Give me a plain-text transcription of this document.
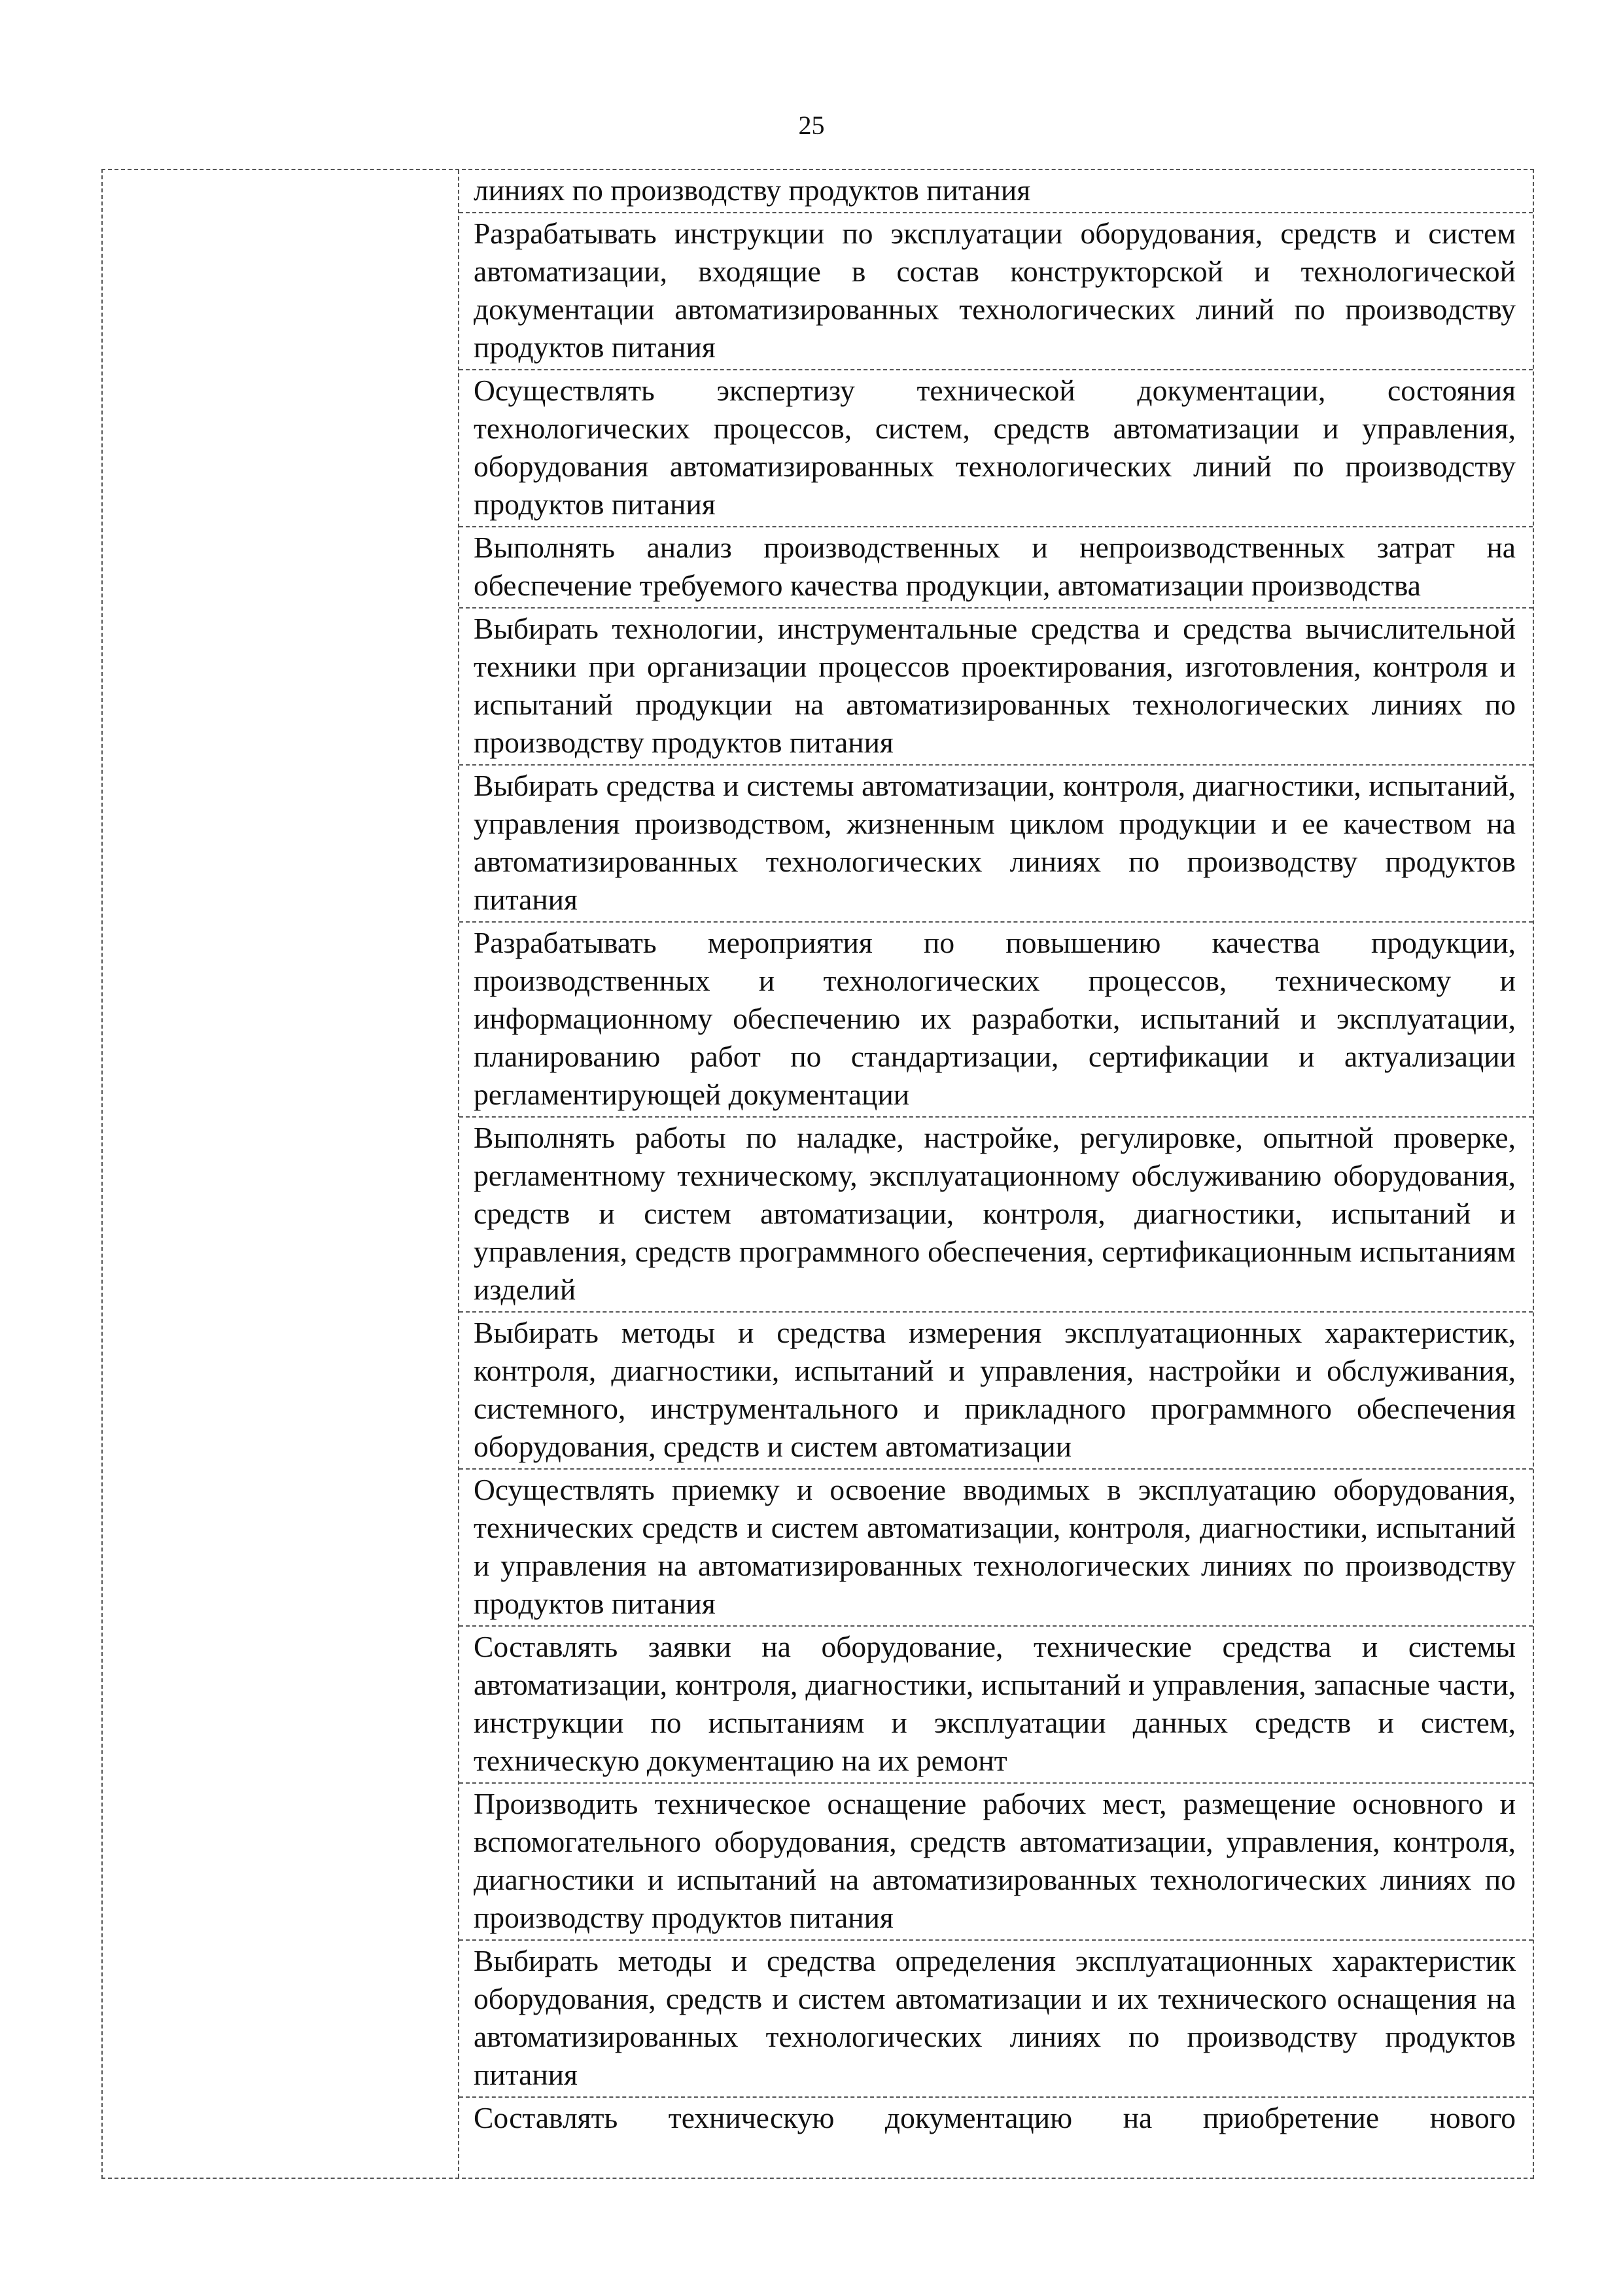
25
линиях по производству продуктов питания
Разрабатывать инструкции по эксплуатации оборудования, средств и систем автоматизации, входящие в состав конструкторской и технологической документации автоматизированных технологических линий по производству продуктов питания
Осуществлять экспертизу технической документации, состояния технологических процессов, систем, средств автоматизации и управления, оборудования автоматизированных технологических линий по производству продуктов питания
Выполнять анализ производственных и непроизводственных затрат на обеспечение требуемого качества продукции, автоматизации производства
Выбирать технологии, инструментальные средства и средства вычислительной техники при организации процессов проектирования, изготовления, контроля и испытаний продукции на автоматизированных технологических линиях по производству продуктов питания
Выбирать средства и системы автоматизации, контроля, диагностики, испытаний, управления производством, жизненным циклом продукции и ее качеством на автоматизированных технологических линиях по производству продуктов питания
Разрабатывать мероприятия по повышению качества продукции, производственных и технологических процессов, техническому и информационному обеспечению их разработки, испытаний и эксплуатации, планированию работ по стандартизации, сертификации и актуализации регламентирующей документации
Выполнять работы по наладке, настройке, регулировке, опытной проверке, регламентному техническому, эксплуатационному обслуживанию оборудования, средств и систем автоматизации, контроля, диагностики, испытаний и управления, средств программного обеспечения, сертификационным испытаниям изделий
Выбирать методы и средства измерения эксплуатационных характеристик, контроля, диагностики, испытаний и управления, настройки и обслуживания, системного, инструментального и прикладного программного обеспечения оборудования, средств и систем автоматизации
Осуществлять приемку и освоение вводимых в эксплуатацию оборудования, технических средств и систем автоматизации, контроля, диагностики, испытаний и управления на автоматизированных технологических линиях по производству продуктов питания
Составлять заявки на оборудование, технические средства и системы автоматизации, контроля, диагностики, испытаний и управления, запасные части, инструкции по испытаниям и эксплуатации данных средств и систем, техническую документацию на их ремонт
Производить техническое оснащение рабочих мест, размещение основного и вспомогательного оборудования, средств автоматизации, управления, контроля, диагностики и испытаний на автоматизированных технологических линиях по производству продуктов питания
Выбирать методы и средства определения эксплуатационных характеристик оборудования, средств и систем автоматизации и их технического оснащения на автоматизированных технологических линиях по производству продуктов питания
Составлять техническую документацию на приобретение нового
